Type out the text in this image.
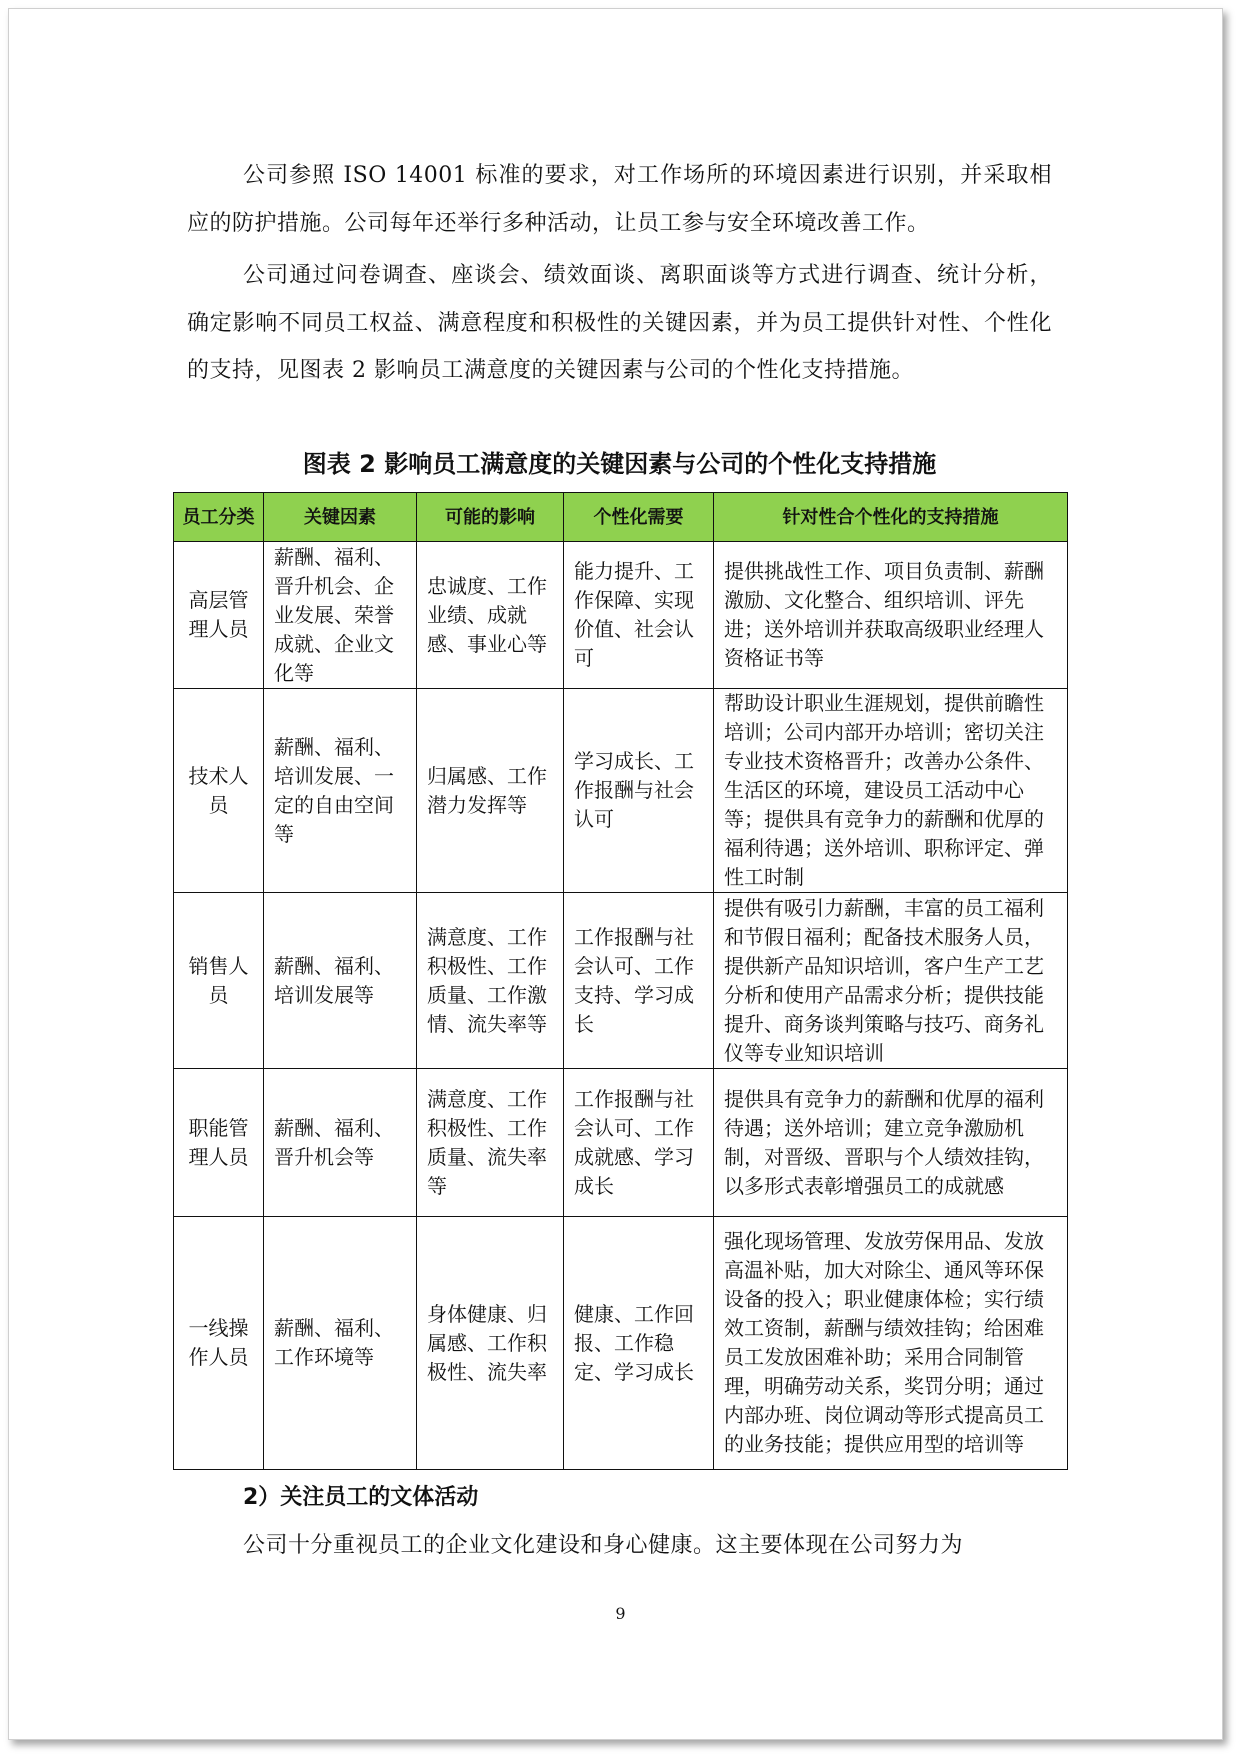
公司参照 ISO 14001 标准的要求，对工作场所的环境因素进行识别，并采取相应的防护措施。公司每年还举行多种活动，让员工参与安全环境改善工作。

公司通过问卷调查、座谈会、绩效面谈、离职面谈等方式进行调查、统计分析，确定影响不同员工权益、满意程度和积极性的关键因素，并为员工提供针对性、个性化的支持，见图表 2 影响员工满意度的关键因素与公司的个性化支持措施。

图表 2 影响员工满意度的关键因素与公司的个性化支持措施

员工分类	关键因素	可能的影响	个性化需要	针对性合个性化的支持措施
高层管理人员	薪酬、福利、晋升机会、企业发展、荣誉成就、企业文化等	忠诚度、工作业绩、成就感、事业心等	能力提升、工作保障、实现价值、社会认可	提供挑战性工作、项目负责制、薪酬激励、文化整合、组织培训、评先进；送外培训并获取高级职业经理人资格证书等
技术人员	薪酬、福利、培训发展、一定的自由空间等	归属感、工作潜力发挥等	学习成长、工作报酬与社会认可	帮助设计职业生涯规划，提供前瞻性培训；公司内部开办培训；密切关注专业技术资格晋升；改善办公条件、生活区的环境，建设员工活动中心等；提供具有竞争力的薪酬和优厚的福利待遇；送外培训、职称评定、弹性工时制
销售人员	薪酬、福利、培训发展等	满意度、工作积极性、工作质量、工作激情、流失率等	工作报酬与社会认可、工作支持、学习成长	提供有吸引力薪酬，丰富的员工福利和节假日福利；配备技术服务人员，提供新产品知识培训，客户生产工艺分析和使用产品需求分析；提供技能提升、商务谈判策略与技巧、商务礼仪等专业知识培训
职能管理人员	薪酬、福利、晋升机会等	满意度、工作积极性、工作质量、流失率等	工作报酬与社会认可、工作成就感、学习成长	提供具有竞争力的薪酬和优厚的福利待遇；送外培训；建立竞争激励机制，对晋级、晋职与个人绩效挂钩，以多形式表彰增强员工的成就感
一线操作人员	薪酬、福利、工作环境等	身体健康、归属感、工作积极性、流失率	健康、工作回报、工作稳定、学习成长	强化现场管理、发放劳保用品、发放高温补贴，加大对除尘、通风等环保设备的投入；职业健康体检；实行绩效工资制，薪酬与绩效挂钩；给困难员工发放困难补助；采用合同制管理，明确劳动关系，奖罚分明；通过内部办班、岗位调动等形式提高员工的业务技能；提供应用型的培训等

2）关注员工的文体活动

公司十分重视员工的企业文化建设和身心健康。这主要体现在公司努力为

9
